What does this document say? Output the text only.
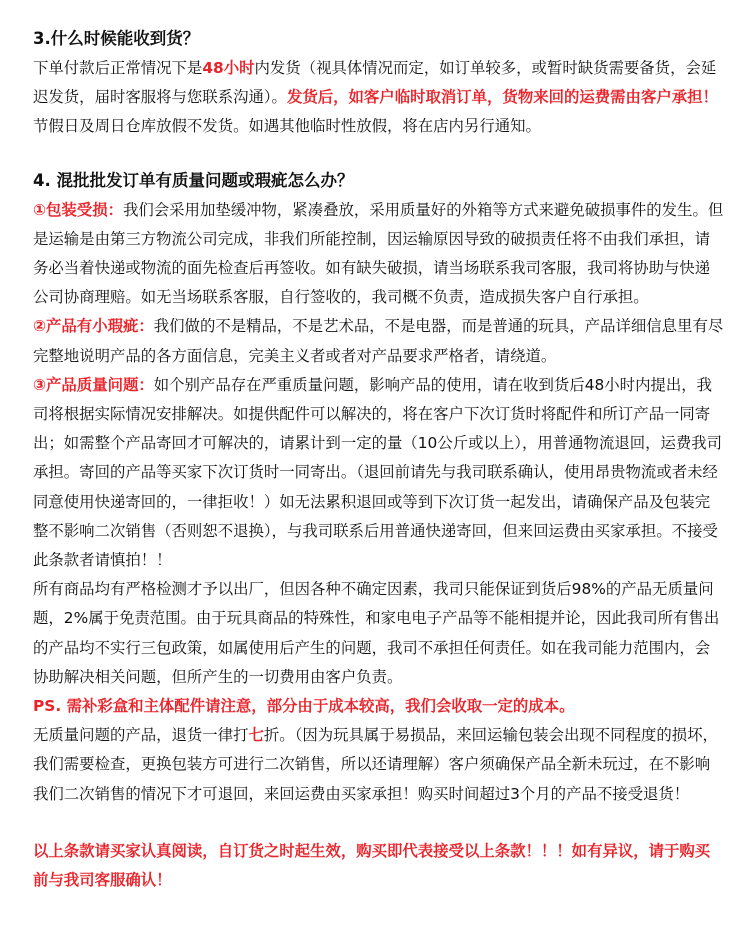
3.什么时候能收到货？

下单付款后正常情况下是48小时内发货（视具体情况而定，如订单较多，或暂时缺货需要备货，会延迟发货，届时客服将与您联系沟通）。发货后，如客户临时取消订单，货物来回的运费需由客户承担！节假日及周日仓库放假不发货。如遇其他临时性放假，将在店内另行通知。

4. 混批批发订单有质量问题或瑕疵怎么办？

①包装受损：我们会采用加垫缓冲物，紧凑叠放，采用质量好的外箱等方式来避免破损事件的发生。但是运输是由第三方物流公司完成，非我们所能控制，因运输原因导致的破损责任将不由我们承担，请务必当着快递或物流的面先检查后再签收。如有缺失破损，请当场联系我司客服，我司将协助与快递公司协商理赔。如无当场联系客服，自行签收的，我司概不负责，造成损失客户自行承担。

②产品有小瑕疵：我们做的不是精品，不是艺术品，不是电器，而是普通的玩具，产品详细信息里有尽完整地说明产品的各方面信息，完美主义者或者对产品要求严格者，请绕道。

③产品质量问题：如个别产品存在严重质量问题，影响产品的使用，请在收到货后48小时内提出，我司将根据实际情况安排解决。如提供配件可以解决的，将在客户下次订货时将配件和所订产品一同寄出；如需整个产品寄回才可解决的，请累计到一定的量（10公斤或以上），用普通物流退回，运费我司承担。寄回的产品等买家下次订货时一同寄出。（退回前请先与我司联系确认，使用昂贵物流或者未经同意使用快递寄回的，一律拒收！）如无法累积退回或等到下次订货一起发出，请确保产品及包装完整不影响二次销售（否则恕不退换），与我司联系后用普通快递寄回，但来回运费由买家承担。不接受此条款者请慎拍！！

所有商品均有严格检测才予以出厂，但因各种不确定因素，我司只能保证到货后98%的产品无质量问题，2%属于免责范围。由于玩具商品的特殊性，和家电电子产品等不能相提并论，因此我司所有售出的产品均不实行三包政策，如属使用后产生的问题，我司不承担任何责任。如在我司能力范围内，会协助解决相关问题，但所产生的一切费用由客户负责。

PS. 需补彩盒和主体配件请注意，部分由于成本较高，我们会收取一定的成本。

无质量问题的产品，退货一律打七折。（因为玩具属于易损品，来回运输包装会出现不同程度的损坏，我们需要检查，更换包装方可进行二次销售，所以还请理解）客户须确保产品全新未玩过，在不影响我们二次销售的情况下才可退回，来回运费由买家承担！购买时间超过3个月的产品不接受退货！

以上条款请买家认真阅读，自订货之时起生效，购买即代表接受以上条款！！！如有异议，请于购买前与我司客服确认！
